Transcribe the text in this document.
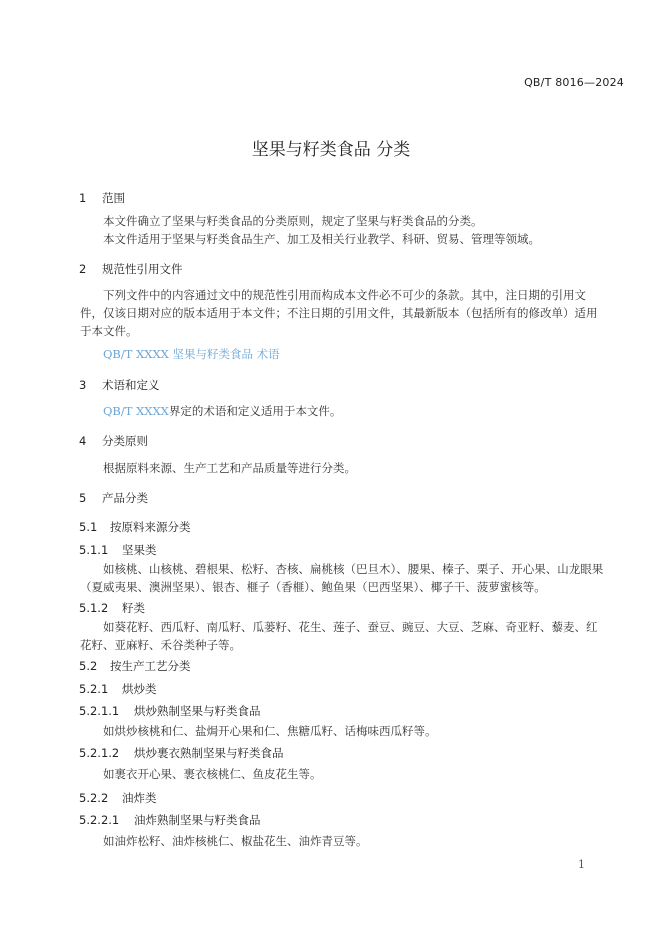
QB/T 8016—2024
坚果与籽类食品 分类
1 范围
本文件确立了坚果与籽类食品的分类原则，规定了坚果与籽类食品的分类。
本文件适用于坚果与籽类食品生产、加工及相关行业教学、科研、贸易、管理等领域。
2 规范性引用文件
下列文件中的内容通过文中的规范性引用而构成本文件必不可少的条款。其中，注日期的引用文件，仅该日期对应的版本适用于本文件；不注日期的引用文件，其最新版本（包括所有的修改单）适用于本文件。
QB/T XXXX 坚果与籽类食品 术语
3 术语和定义
QB/T XXXX界定的术语和定义适用于本文件。
4 分类原则
根据原料来源、生产工艺和产品质量等进行分类。
5 产品分类
5.1 按原料来源分类
5.1.1 坚果类
如核桃、山核桃、碧根果、松籽、杏核、扁桃核（巴旦木）、腰果、榛子、栗子、开心果、山龙眼果（夏威夷果、澳洲坚果）、银杏、榧子（香榧）、鲍鱼果（巴西坚果）、椰子干、菠萝蜜核等。
5.1.2 籽类
如葵花籽、西瓜籽、南瓜籽、瓜蒌籽、花生、莲子、蚕豆、豌豆、大豆、芝麻、奇亚籽、藜麦、红花籽、亚麻籽、禾谷类种子等。
5.2 按生产工艺分类
5.2.1 烘炒类
5.2.1.1 烘炒熟制坚果与籽类食品
如烘炒核桃和仁、盐焗开心果和仁、焦糖瓜籽、话梅味西瓜籽等。
5.2.1.2 烘炒裹衣熟制坚果与籽类食品
如裹衣开心果、裹衣核桃仁、鱼皮花生等。
5.2.2 油炸类
5.2.2.1 油炸熟制坚果与籽类食品
如油炸松籽、油炸核桃仁、椒盐花生、油炸青豆等。
1
